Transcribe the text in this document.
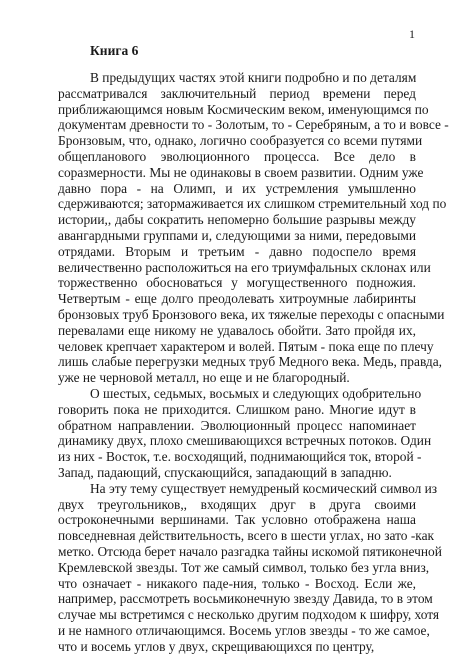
1
Книга 6
В предыдущих частях этой книги подробно и по деталям
рассматривался заключительный период времени перед
приближающимся новым Космическим веком, именующимся по
документам древности то - Золотым, то - Серебряным, а то и вовсе -
Бронзовым, что, однако, логично сообразуется со всеми путями
общепланового эволюционного процесса. Все дело в
соразмерности. Мы не одинаковы в своем развитии. Одним уже
давно пора - на Олимп, и их устремления умышленно
сдерживаются; затормаживается их слишком стремительный ход по
истории,, дабы сократить непомерно большие разрывы между
авангардными группами и, следующими за ними, передовыми
отрядами. Вторым и третьим - давно подоспело время
величественно расположиться на его триумфальных склонах или
торжественно обосноваться у могущественного подножия.
Четвертым - еще долго преодолевать хитроумные лабиринты
бронзовых труб Бронзового века, их тяжелые переходы с опасными
перевалами еще никому не удавалось обойти. Зато пройдя их,
человек крепчает характером и волей. Пятым - пока еще по плечу
лишь слабые перегрузки медных труб Медного века. Медь, правда,
уже не черновой металл, но еще и не благородный.
О шестых, седьмых, восьмых и следующих одобрительно
говорить пока не приходится. Слишком рано. Многие идут в
обратном направлении. Эволюционный процесс напоминает
динамику двух, плохо смешивающихся встречных потоков. Один
из них - Восток, т.е. восходящий, поднимающийся ток, второй -
Запад, падающий, спускающийся, западающий в западню.
На эту тему существует немудреный космический символ из
двух треугольников,, входящих друг в друга своими
остроконечными вершинами. Так условно отображена наша
повседневная действительность, всего в шести углах, но зато -как
метко. Отсюда берет начало разгадка тайны искомой пятиконечной
Кремлевской звезды. Тот же самый символ, только без угла вниз,
что означает - никакого паде-ния, только - Восход. Если же,
например, рассмотреть восьмиконечную звезду Давида, то в этом
случае мы встретимся с несколько другим подходом к шифру, хотя
и не намного отличающимся. Восемь углов звезды - то же самое,
что и восемь углов у двух, скрещивающихся по центру,
